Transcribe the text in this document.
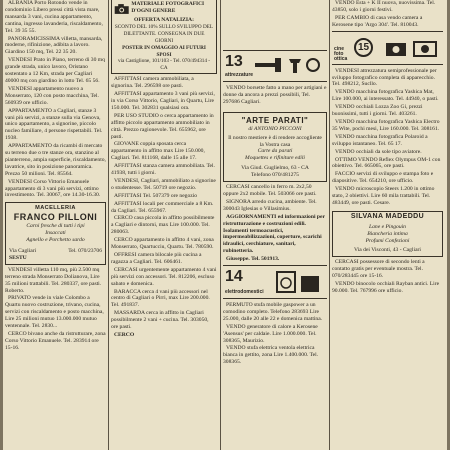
ALBANIA Porto Rotondo vende in condominio Libero pressi città vista mare, mansarda 3 vani, cucina appartamento, cantina, ingresso lavanderia, riscaldamento, Tel. 39 35 55.

PANORAMICISSIMA villetta, mansarda, moderne, rifinizione, adibita a lavoro. Giardino 150 mq, Tel. 22 35 20.

VENDESI Prato in Piano, terreno di 30 mq grande strada, unico lavoro, Oristano sostentato a 12 Km, strada per Cagliari 40000 mq con giardino in lotto Tel. 65 56.

VENDESI appartamento nuovo a Monserrato, 120 con posto macchina, Tel. 560939 ore ufficio.

APPARTAMENTO a Cagliari, stanze 3 vani più servizi, a stanze sulla via Genova, unico appartamento, a signorine, piccolo nucleo familiare, 4 persone rispettabili. Tel. 1938.

APPARTAMENTO da ricambi di mercato su terreno due o tre stanze ora, stanzino al pianterreno, ampia superficie, riscaldamento, lavatrice, sito in posizione panoramica. Prezzo 50 milioni. Tel. 85564.

VENDESI Corso Vittorio Emanuele appartamento di 3 vani più servizi, ottimo investimento. Tel. 30067, ore 14.30-16.30.

MACELLERIA
FRANCO PILLONI
Carni fresche di tutti i tipi
Insaccati
Agnello e Porchetto sardo
Via Cagliari	Tel. 070/23706
SESTU

VENDESI villetta 110 mq, più 2.500 mq terreno strada Monserrato Dolianova, Lire 35 milioni trattabili. Tel. 280337, ore pasti. Roberto.

PRIVATO vende in viale Colombo a Quartu nuovo costruzione, trivano, cucina, servizi con riscaldamento e posto macchina, Lire 25 milioni mutuo 13.000.000 mutuo ventennale. Tel. 2830...

CERCO bivano anche da ristrutturare, zona Corso Vittorio Emanuele. Tel. 283914 ore 15-16.

MATERIALE FOTOGRAFICI D'OGNI GENERE
OFFERTA NATALIZIA:
SCONTO DEL 10% SULLO SVILUPPO DEL DILETTANTE. CONSEGNA IN DUE GIORNI
POSTER IN OMAGGIO AI FUTURI SPOSI
via Castiglione, 101/103 - Tel. 070/494314 - CA

AFFITTASI camera ammobiliata, a signorina. Tel. 296598 ore pasti.

AFFITTASI appartamento 3 vani più servizi, in via Corso Vittorio, Cagliari, in Quartu, Lire 150.000. Tel. 302831 qualsiasi ora.

PER USO STUDIO o cerca appartamento in affitto piccolo appartamento ammobiliato in città. Prezzo ragionevole. Tel. 655962, ore pasti.

GIOVANE coppia sposata cerca appartamento in affitto max Lire 150.000, Cagliari. Tel. 811168, dalle 15 alle 17.

AFFITTASI stanza camera ammobiliata. Tel. 41938, tutti i giorni.

VENDESI, Cagliari, ammobiliato a signorine o studentesse. Tel. 50719 ore negozio.

AFFITTASI Tel. 507379 ore negozio

AFFITTASI locali per commerciale a 8 Km. da Cagliari. Tel. 655967.

CERCO casa piccola in affitto possibilmente a Cagliari e dintorni, max Lire 100.000. Tel. 280063.

CERCO appartamento in affitto 4 vani, zona Monserrato, Quartucciu, Quartu. Tel. 780590.

OFFRESI camera bilocale più cucina a ragazza a Cagliari. Tel. 606461.

CERCASI urgentemente appartamento 4 vani più servizi con accessori. Tel. 812206, escluso sabato e domenica.

BARACCA cerca 4 vani più accessori nel centro di Cagliari o Pirri, max Lire 200.000. Tel. 491837.

MASSARDA cerca in affitto in Cagliari possibilmente 2 vani + cucina. Tel. 303050, ore pasti.

CERCO

13
attrezzature

VENDO borsette fatto a mano per artigiani e donne da ancora a prezzi possibili, Tel. 297686 Cagliari.

"ARTE PARATI"
di ANTONIO PICCONI
Il nostro mestiere è di rendere accogliente la Vostra casa
Carte da parati
Moquettes e rifiniture edili
Via Giud. Guglielmo, 63 - CA
Telefono 070/481275

CERCASI cancello in ferro m. 2x2,50 oppure 2x2 mobile. Tel. 503066 ore pasti.

SIGNORA arredo cucina, ambiente. Tel. 300043 Iglesias o Villasimius.

AGGIORNAMENTI ed informazioni per ristrutturazione e costruzioni edili. Isolamenti termoacustici, impermeabilizzazioni, coperture, scarichi idraulici, cerchiature, sanitari, rubinetteria.

Giuseppe. Tel. 501913.

14
elettrodomestici

PERMUTO stufa mobile gaspower a un comodino completo. Telefono 283693 Lire 25.000, dalle 20 alle 22 e domenica mattina.

VENDO generatore di calore a Kerosene 'Asensus' per caldaie. Lire 1.000.000. Tel. 308365, Maurizio.

VENDO stufa elettrica ventola elettrica bianca in gettito, zona Lire 1.400.000. Tel. 308365.

VENDO Esta + K II nuova, nuovissima. Tel. 43850, solo i giorni festivi.

PER CAMBIO di casa vendo camera a Kerosene tipo 'Argo 304'. Tel. 810043.

15
cine foto ottica

VENDESI attrezzatura semiprofessionale per sviluppo fotografico completa di apparecchio. Tel. 498212, Sucllo.

VENDO macchina fotografica Yashica Mat, Lire 100.000, ai interessato. Tel. 44940, o pasti.

VENDO occhiali Lozza Zoo Gi, prezzi buonissimi, tutti i giorni. Tel. 403261.

VENDO macchina fotografica Yashica Electro 35 Wite, pochi mesi, Lire 160.000. Tel. 308161.

VENDO macchina fotografica Polaroid a sviluppo istantaneo. Tel. 65 17.

VENDO occhiali da sole tipo aviatore.

OTTIMO VENDO Reflex Olympus OM-1 con obiettivo. Tel. 665065, ore pasti.

FACCIO servizi di sviluppo e stampa foto e diapositive. Tel. 654210, ore ufficio.

VENDO microscopio Steers 1.200 in ottimo stato, 2 obiettivi. Lire 60 mila trattabili. Tel. 483449, ore pasti. Cesare.

SILVANA MADEDDU
Lane e Pingouin
Biancheria intima
Profumi Confezioni
Via dei Visconti, 43 - Cagliari

CERCASI possessore di secondo lenti a contatto gratis per eventuale mostra. Tel. 070/283445 ore 15-16.

VENDO binocolo occhiali Rayban antici. Lire 90.000. Tel. 767996 ore ufficio.
